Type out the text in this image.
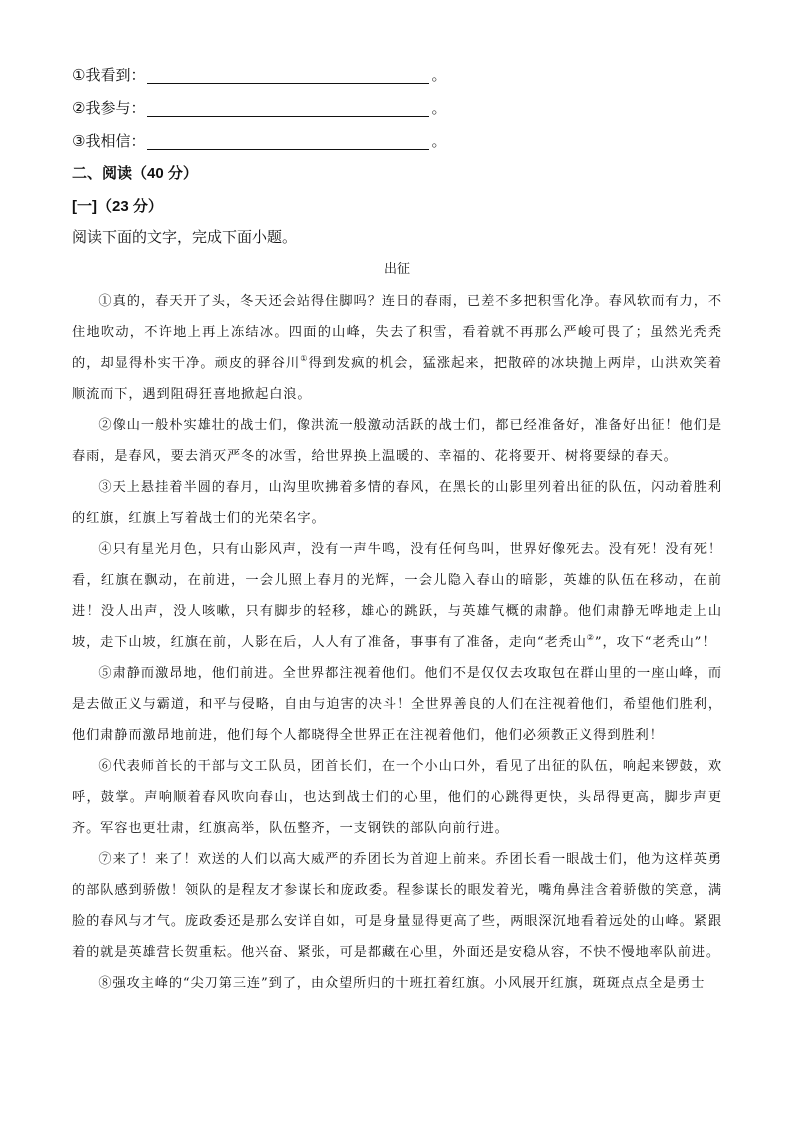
①我看到：	。
②我参与：	。
③我相信：	。
二、阅读（40 分）
[一]（23 分）
阅读下面的文字，完成下面小题。
出征

①真的，春天开了头，冬天还会站得住脚吗？连日的春雨，已差不多把积雪化净。春风软而有力，不住地吹动，不许地上再上冻结冰。四面的山峰，失去了积雪，看着就不再那么严峻可畏了；虽然光秃秃的，却显得朴实干净。顽皮的驿谷川①得到发疯的机会，猛涨起来，把散碎的冰块抛上两岸，山洪欢笑着顺流而下，遇到阻碍狂喜地掀起白浪。

②像山一般朴实雄壮的战士们，像洪流一般激动活跃的战士们，都已经准备好，准备好出征！他们是春雨，是春风，要去消灭严冬的冰雪，给世界换上温暖的、幸福的、花将要开、树将要绿的春天。

③天上悬挂着半圆的春月，山沟里吹拂着多情的春风，在黑长的山影里列着出征的队伍，闪动着胜利的红旗，红旗上写着战士们的光荣名字。

④只有星光月色，只有山影风声，没有一声牛鸣，没有任何鸟叫，世界好像死去。没有死！没有死！看，红旗在飘动，在前进，一会儿照上春月的光辉，一会儿隐入春山的暗影，英雄的队伍在移动，在前进！没人出声，没人咳嗽，只有脚步的轻移，雄心的跳跃，与英雄气概的肃静。他们肃静无哗地走上山坡，走下山坡，红旗在前，人影在后，人人有了准备，事事有了准备，走向“老秃山②”，攻下“老秃山”！

⑤肃静而激昂地，他们前进。全世界都注视着他们。他们不是仅仅去攻取包在群山里的一座山峰，而是去做正义与霸道，和平与侵略，自由与迫害的决斗！全世界善良的人们在注视着他们，希望他们胜利，他们肃静而激昂地前进，他们每个人都晓得全世界正在注视着他们，他们必须教正义得到胜利！

⑥代表师首长的干部与文工队员，团首长们，在一个小山口外，看见了出征的队伍，响起来锣鼓，欢呼，鼓掌。声响顺着春风吹向春山，也达到战士们的心里，他们的心跳得更快，头昂得更高，脚步声更齐。军容也更壮肃，红旗高举，队伍整齐，一支钢铁的部队向前行进。

⑦来了！来了！欢送的人们以高大威严的乔团长为首迎上前来。乔团长看一眼战士们，他为这样英勇的部队感到骄傲！领队的是程友才参谋长和庞政委。程参谋长的眼发着光，嘴角鼻洼含着骄傲的笑意，满脸的春风与才气。庞政委还是那么安详自如，可是身量显得更高了些，两眼深沉地看着远处的山峰。紧跟着的就是英雄营长贺重耘。他兴奋、紧张，可是都藏在心里，外面还是安稳从容，不快不慢地率队前进。

⑧强攻主峰的“尖刀第三连”到了，由众望所归的十班扛着红旗。小风展开红旗，斑斑点点全是勇士
